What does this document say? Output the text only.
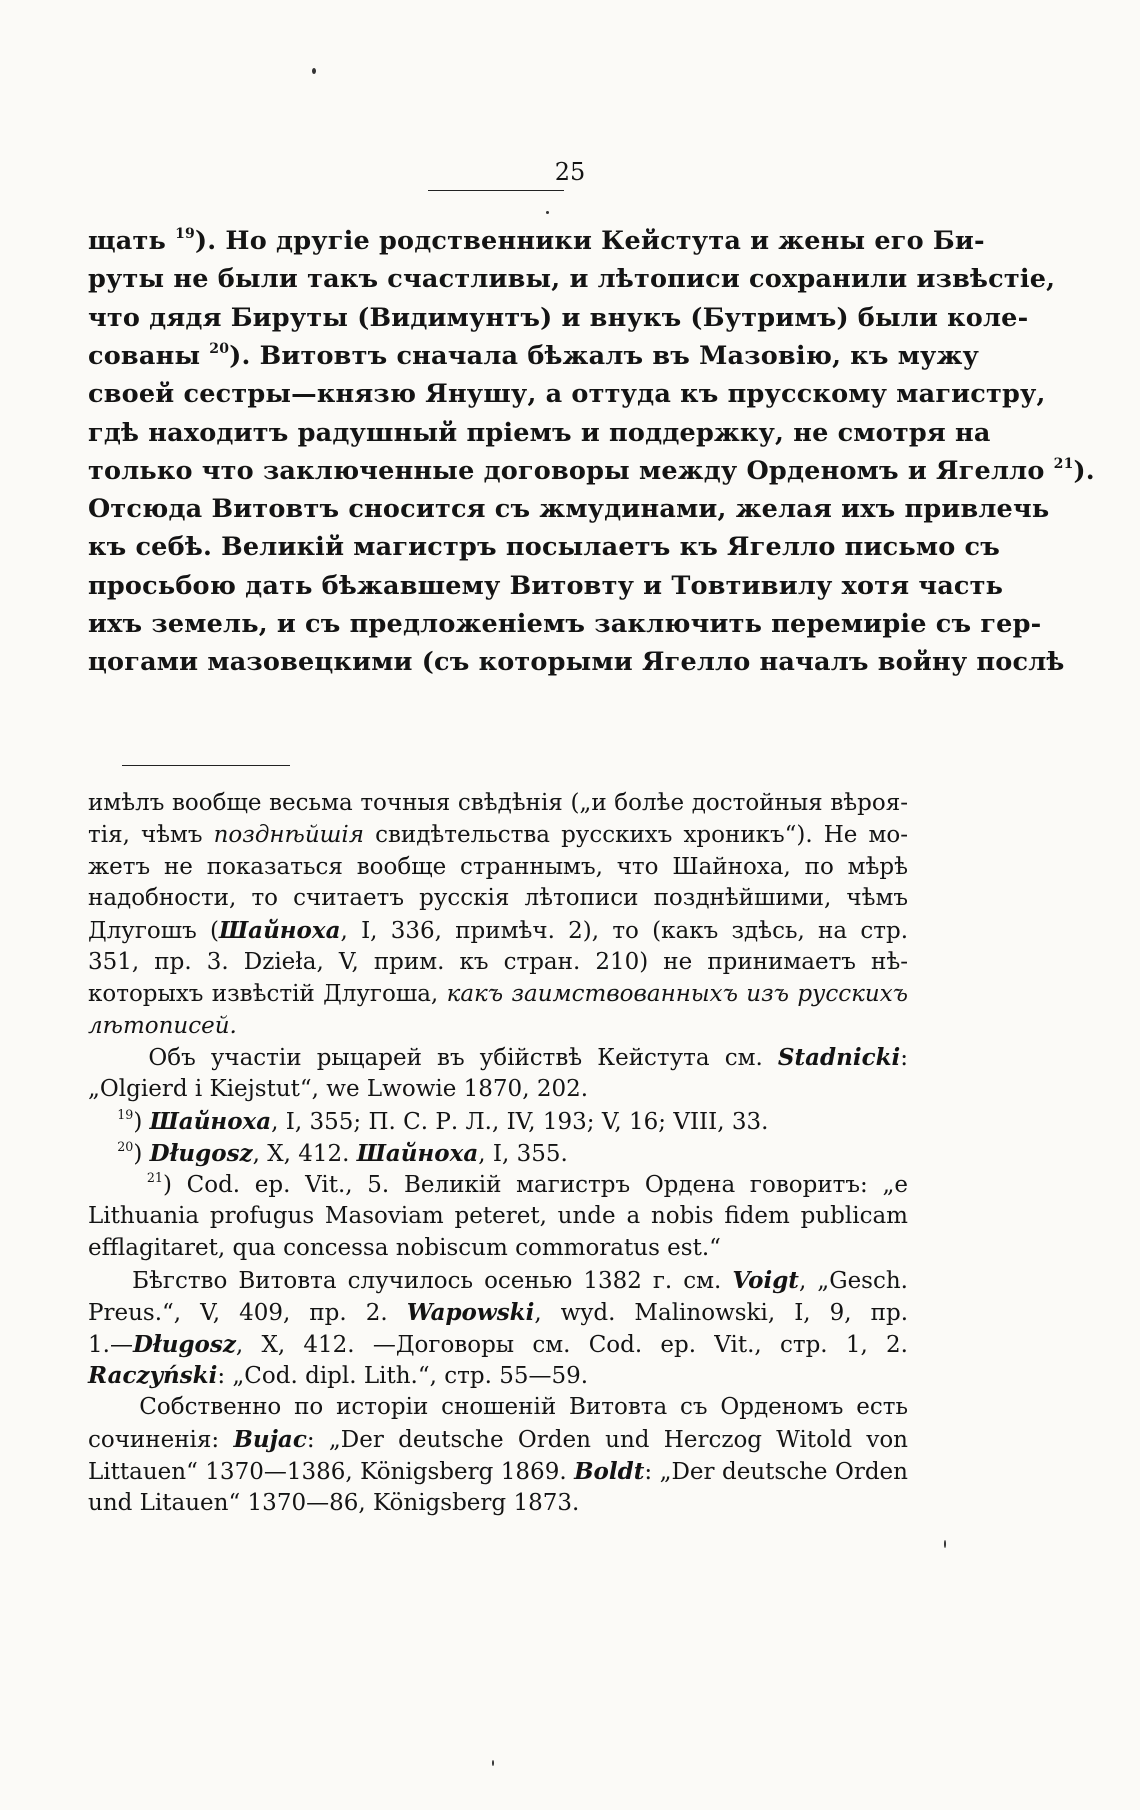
25
щать $^{19}$). Но другіе родственники Кейстута и жены его Би-
руты не были такъ счастливы, и лѣтописи сохранили извѣстіе,
что дядя Бируты (Видимунтъ) и внукъ (Бутримъ) были коле-
сованы $^{20}$). Витовтъ сначала бѣжалъ въ Мазовію, къ мужу
своей сестры—князю Янушу, а оттуда къ прусскому магистру,
гдѣ находитъ радушный пріемъ и поддержку, не смотря на
только что заключенные договоры между Орденомъ и Ягелло $^{21}$).
Отсюда Витовтъ сносится съ жмудинами, желая ихъ привлечь
къ себѣ. Великій магистръ посылаетъ къ Ягелло письмо съ
просьбою дать бѣжавшему Витовту и Товтивилу хотя часть
ихъ земель, и съ предложеніемъ заключить перемиріе съ гер-
цогами мазовецкими (съ которыми Ягелло началъ войну послѣ
имѣлъ вообще весьма точныя свѣдѣнія („и болѣе достойныя вѣроя-
тія, чѣмъ позднѣйшія свидѣтельства русскихъ хроникъ“). Не мо-
жетъ не показаться вообще страннымъ, что Шайноха, по мѣрѣ
надобности, то считаетъ русскія лѣтописи позднѣйшими, чѣмъ
Длугошъ (Шайноха, I, 336, примѣч. 2), то (какъ здѣсь, на стр.
351, пр. 3. Dzieła, V, прим. къ стран. 210) не принимаетъ нѣ-
которыхъ извѣстій Длугоша, какъ заимствованныхъ изъ русскихъ
лѣтописей.
Объ участіи рыцарей въ убійствѣ Кейстута см. Stadnicki:
„Olgierd i Kiejstut“, we Lwowie 1870, 202.
$^{19}$) Шайноха, I, 355; П. С. Р. Л., IV, 193; V, 16; VIII, 33.
$^{20}$) Długosz, X, 412. Шайноха, I, 355.
$^{21}$) Cod. ep. Vit., 5. Великій магистръ Ордена говоритъ: „e
Lithuania profugus Masoviam peteret, unde a nobis fidem publicam
efflagitaret, qua concessa nobiscum commoratus est.“
Бѣгство Витовта случилось осенью 1382 г. см. Voigt, „Gesch.
Preus.“, V, 409, пр. 2. Wapowski, wyd. Malinowski, I, 9, пр.
1.—Długosz, X, 412. —Договоры см. Cod. ep. Vit., стр. 1, 2.
Raczyński: „Cod. dipl. Lith.“, стр. 55—59.
Собственно по исторіи сношеній Витовта съ Орденомъ есть
сочиненія: Bujac: „Der deutsche Orden und Herczog Witold von
Littauen“ 1370—1386, Königsberg 1869. Boldt: „Der deutsche Orden
und Litauen“ 1370—86, Königsberg 1873.
